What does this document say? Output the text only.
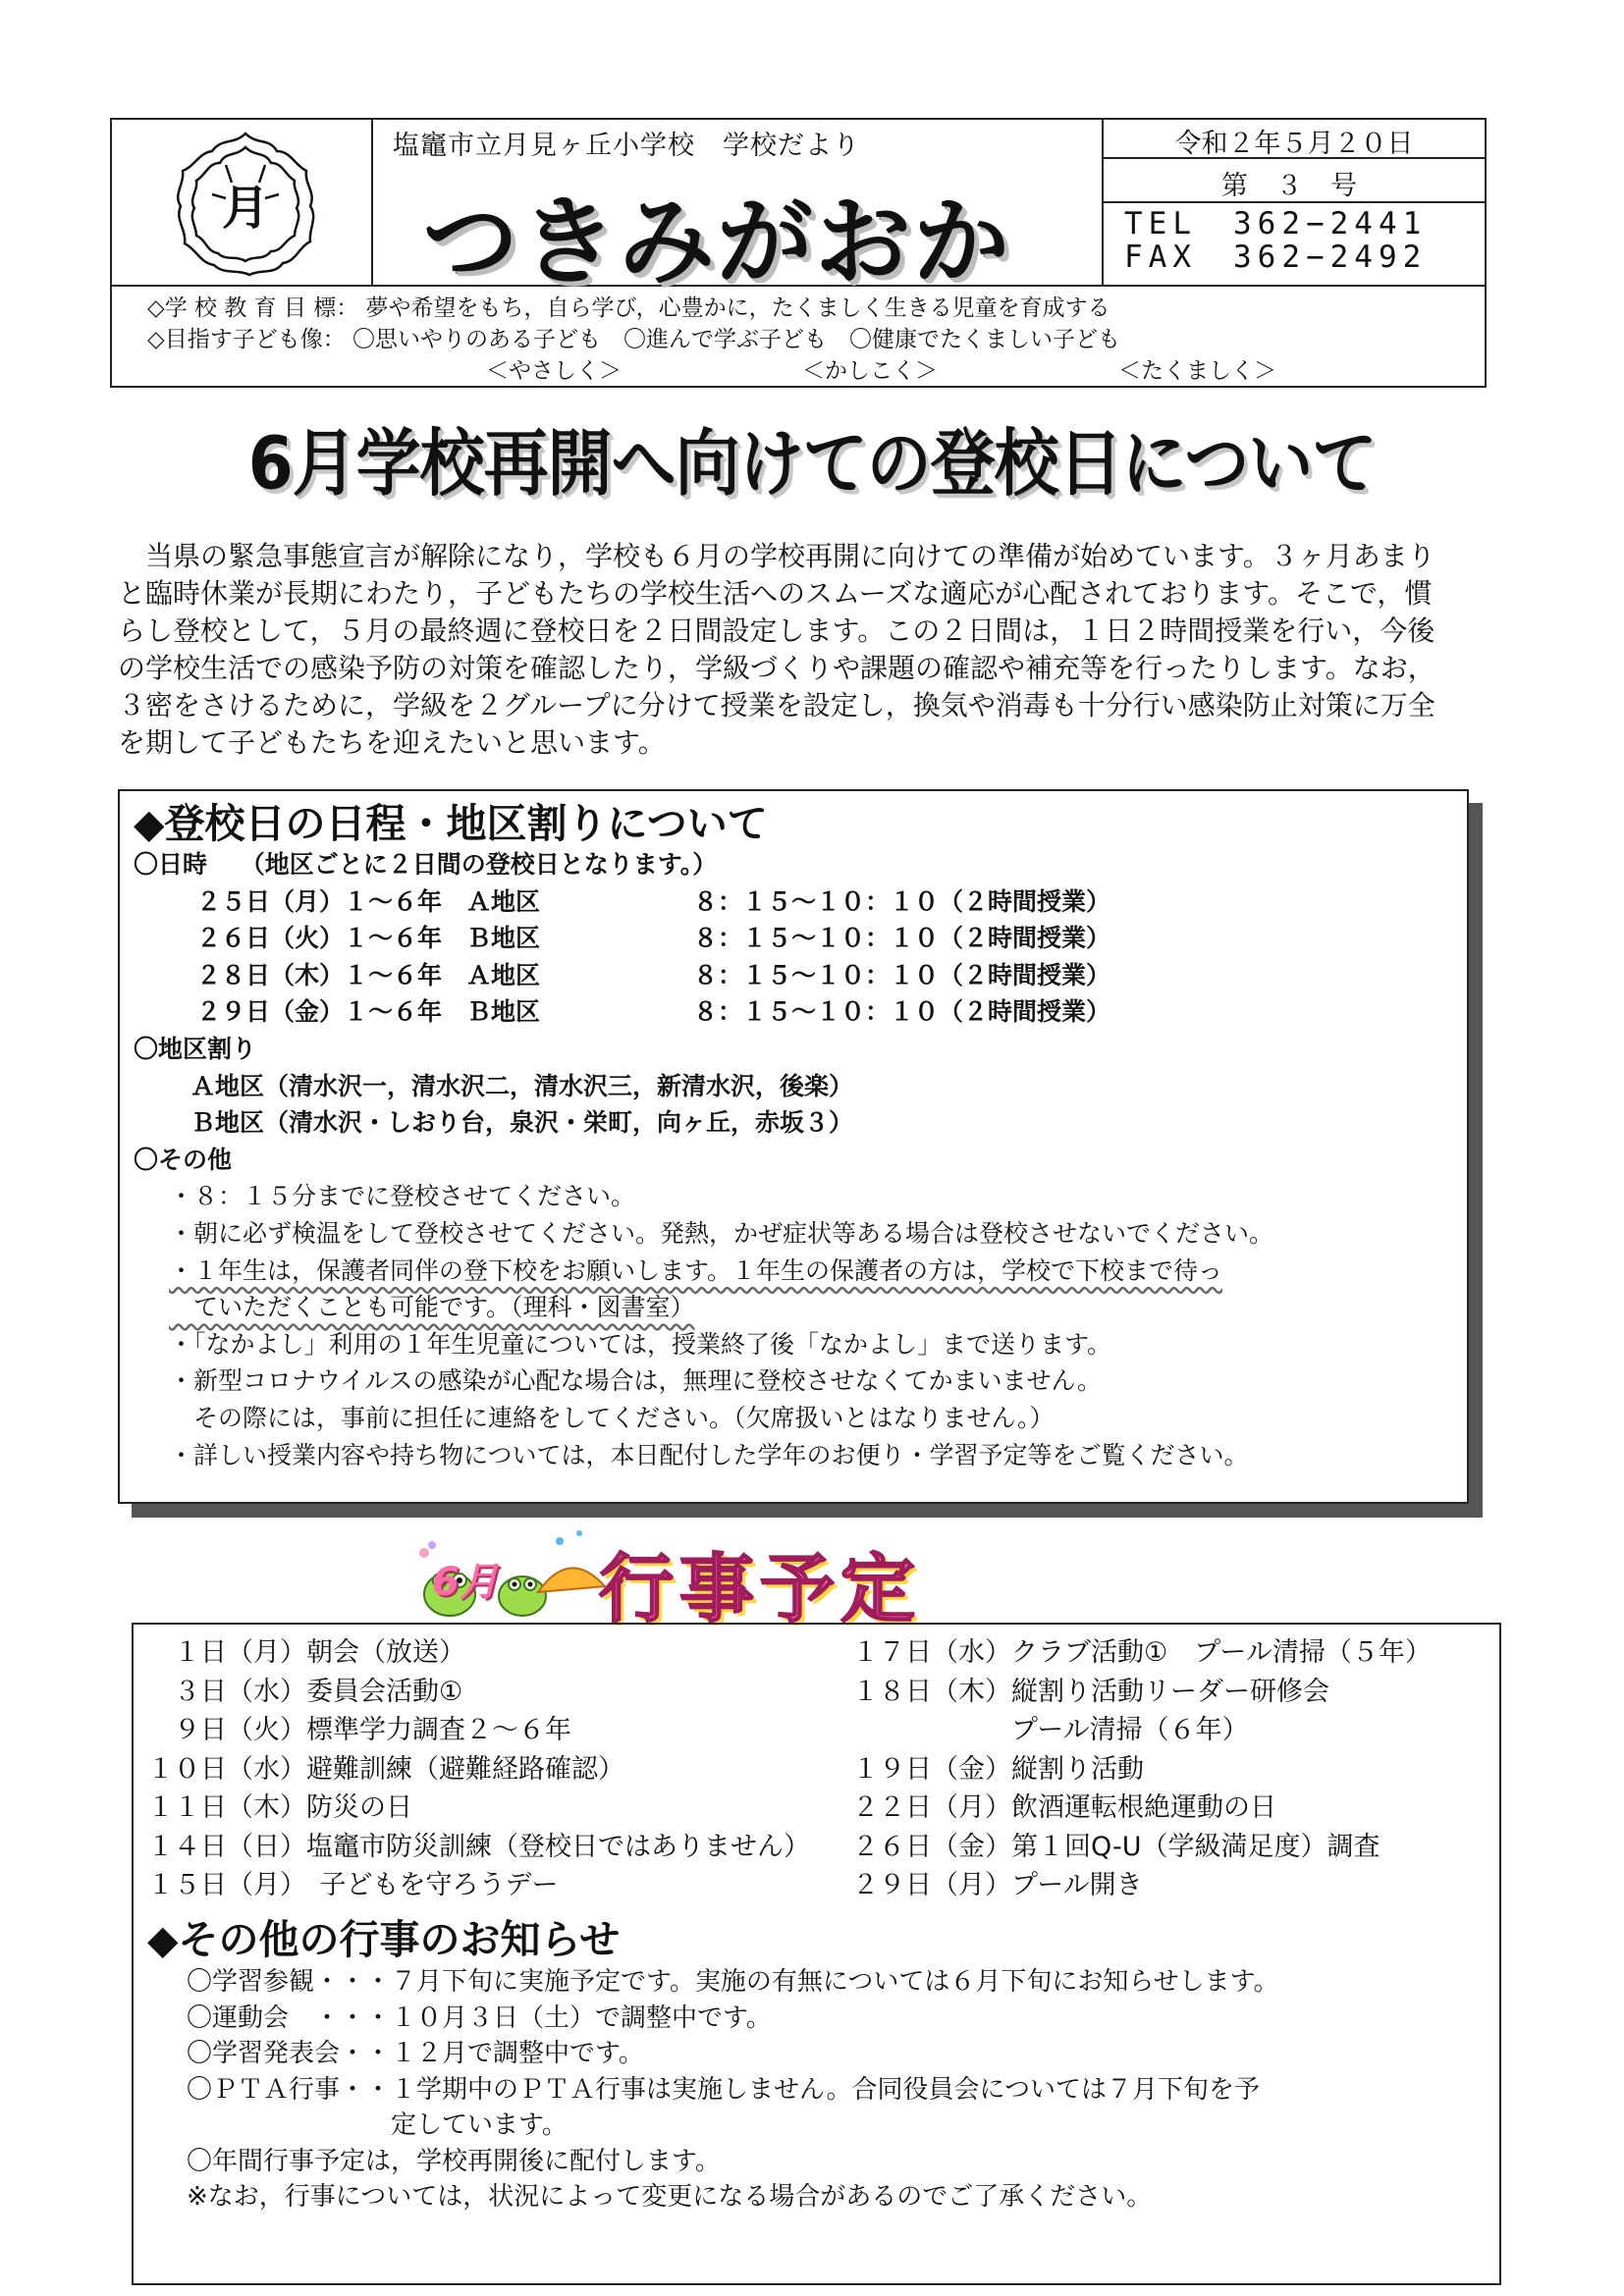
月
塩竈市立月見ヶ丘小学校　学校だより
つきみがおか
令和２年５月２０日
第 ３ 号
TEL　362−2441
FAX　362−2492
◇学 校 教 育 目 標： 夢や希望をもち，自ら学び，心豊かに，たくましく生きる児童を育成する
◇目指す子ども像： 〇思いやりのある子ども　〇進んで学ぶ子ども　〇健康でたくましい子ども
　　　　　　　　　　　　　　　＜やさしく＞　　　　　　　　＜かしこく＞　　　　　　　　＜たくましく＞
6月学校再開へ向けての登校日について
　当県の緊急事態宣言が解除になり，学校も６月の学校再開に向けての準備が始めています。３ヶ月あまり
と臨時休業が長期にわたり，子どもたちの学校生活へのスムーズな適応が心配されております。そこで，慣
らし登校として，５月の最終週に登校日を２日間設定します。この２日間は，１日２時間授業を行い，今後
の学校生活での感染予防の対策を確認したり，学級づくりや課題の確認や補充等を行ったりします。なお，
３密をさけるために，学級を２グループに分けて授業を設定し，換気や消毒も十分行い感染防止対策に万全
を期して子どもたちを迎えたいと思います。
◆登校日の日程・地区割りについて
〇日時　 （地区ごとに２日間の登校日となります。）
２５日（月）１～６年　Ａ地区	８：１５～１０：１０（２時間授業）
２６日（火）１～６年　Ｂ地区	８：１５～１０：１０（２時間授業）
２８日（木）１～６年　Ａ地区	８：１５～１０：１０（２時間授業）
２９日（金）１～６年　Ｂ地区	８：１５～１０：１０（２時間授業）
〇地区割り
Ａ地区（清水沢一，清水沢二，清水沢三，新清水沢，後楽）
Ｂ地区（清水沢・しおり台，泉沢・栄町，向ヶ丘，赤坂３）
〇その他
・８：１５分までに登校させてください。
・朝に必ず検温をして登校させてください。発熱，かぜ症状等ある場合は登校させないでください。
・１年生は，保護者同伴の登下校をお願いします。１年生の保護者の方は，学校で下校まで待っ
　ていただくことも可能です。（理科・図書室）
・「なかよし」利用の１年生児童については，授業終了後「なかよし」まで送ります。
・新型コロナウイルスの感染が心配な場合は，無理に登校させなくてかまいません。
　その際には，事前に担任に連絡をしてください。（欠席扱いとはなりません。）
・詳しい授業内容や持ち物については，本日配付した学年のお便り・学習予定等をご覧ください。
6月 行事予定
　１日（月）朝会（放送）
　３日（水）委員会活動①
　９日（火）標準学力調査２～６年
１０日（水）避難訓練（避難経路確認）
１１日（木）防災の日
１４日（日）塩竈市防災訓練（登校日ではありません）
１５日（月）　子どもを守ろうデー
１７日（水）クラブ活動①　プール清掃（５年）
１８日（木）縦割り活動リーダー研修会
　　　　　　プール清掃（６年）
１９日（金）縦割り活動
２２日（月）飲酒運転根絶運動の日
２６日（金）第１回Q-U（学級満足度）調査
２９日（月）プール開き
◆その他の行事のお知らせ
〇学習参観・・・７月下旬に実施予定です。実施の有無については６月下旬にお知らせします。
〇運動会　・・・１０月３日（土）で調整中です。
〇学習発表会・・１２月で調整中です。
〇ＰＴＡ行事・・１学期中のＰＴＡ行事は実施しません。合同役員会については７月下旬を予
　　　　　　　　定しています。
〇年間行事予定は，学校再開後に配付します。
※なお，行事については，状況によって変更になる場合があるのでご了承ください。
